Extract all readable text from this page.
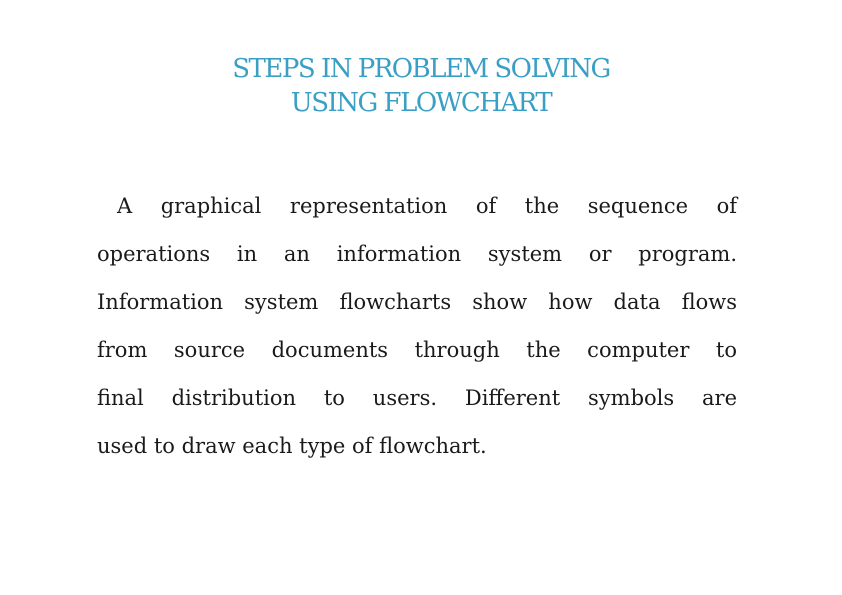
STEPS IN PROBLEM SOLVING
USING FLOWCHART
A graphical representation of the sequence of
operations in an information system or program.
Information system flowcharts show how data flows
from source documents through the computer to
final distribution to users. Different symbols are
used to draw each type of flowchart.
